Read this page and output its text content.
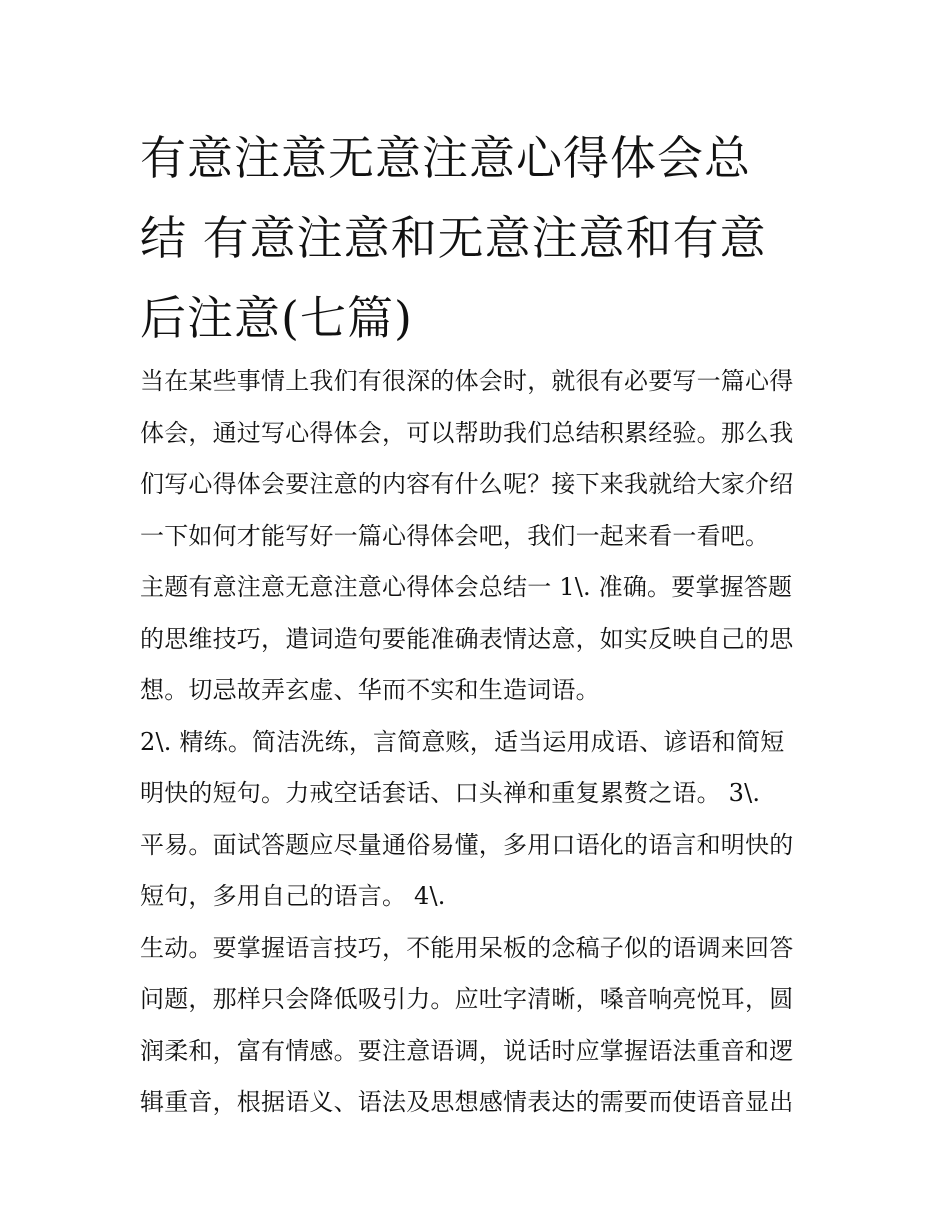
有意注意无意注意心得体会总
结 有意注意和无意注意和有意
后注意(七篇)
当在某些事情上我们有很深的体会时，就很有必要写一篇心得
体会，通过写心得体会，可以帮助我们总结积累经验。那么我
们写心得体会要注意的内容有什么呢？接下来我就给大家介绍
一下如何才能写好一篇心得体会吧，我们一起来看一看吧。
主题有意注意无意注意心得体会总结一 1\. 准确。要掌握答题
的思维技巧，遣词造句要能准确表情达意，如实反映自己的思
想。切忌故弄玄虚、华而不实和生造词语。
2\. 精练。简洁洗练，言简意赅，适当运用成语、谚语和简短
明快的短句。力戒空话套话、口头禅和重复累赘之语。 3\.
平易。面试答题应尽量通俗易懂，多用口语化的语言和明快的
短句，多用自己的语言。 4\.
生动。要掌握语言技巧，不能用呆板的念稿子似的语调来回答
问题，那样只会降低吸引力。应吐字清晰，嗓音响亮悦耳，圆
润柔和，富有情感。要注意语调，说话时应掌握语法重音和逻
辑重音，根据语义、语法及思想感情表达的需要而使语音显出
